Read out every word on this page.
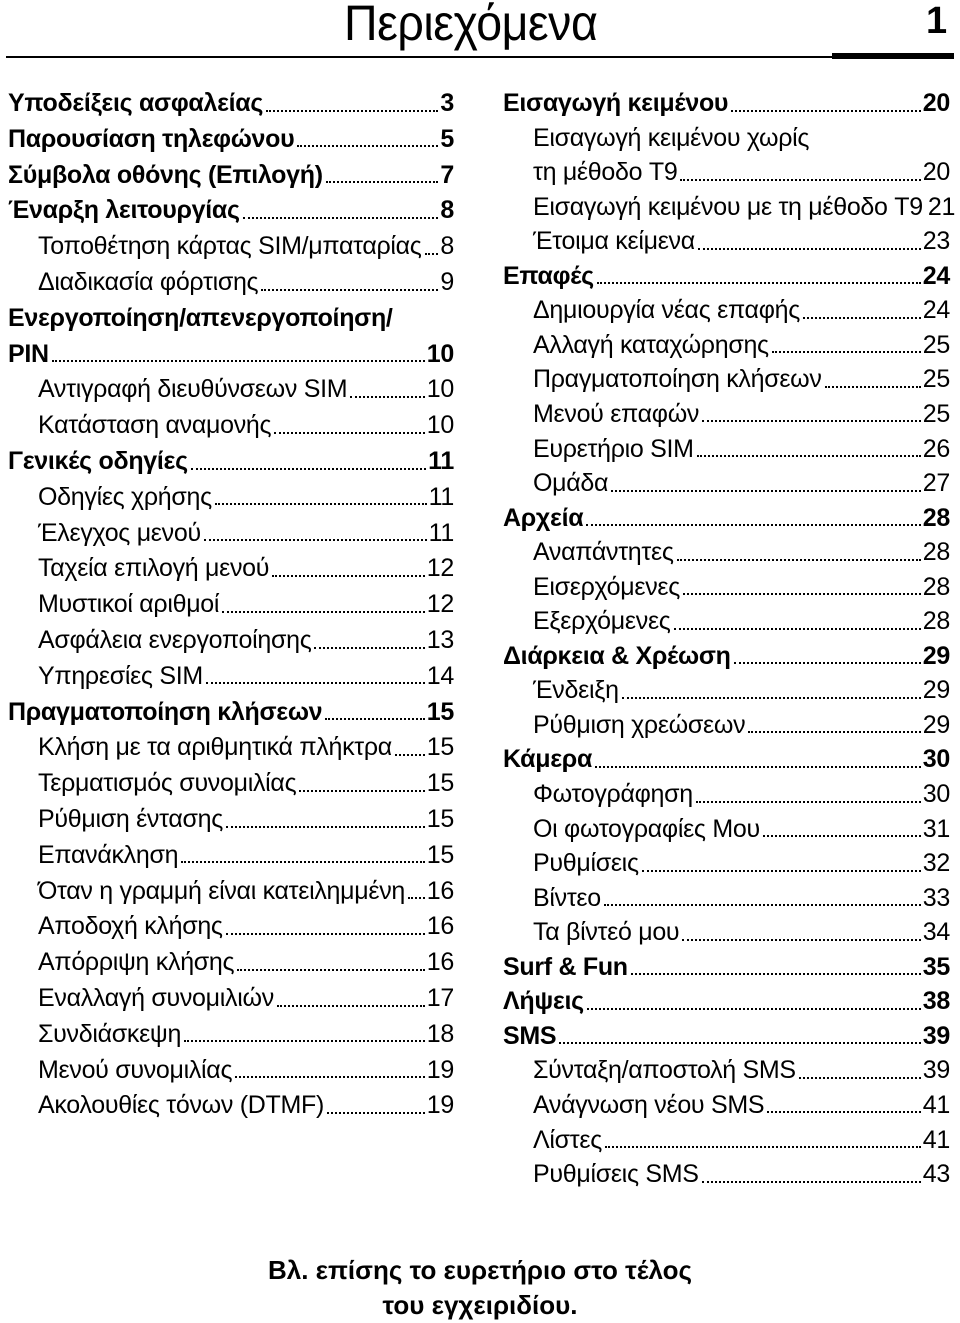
Περιεχόμενα	1
Υποδείξεις ασφαλείας	3
Παρουσίαση τηλεφώνου	5
Σύμβολα οθόνης (Επιλογή)	7
Έναρξη λειτουργίας	8
Τοποθέτηση κάρτας SIM/μπαταρίας 8
Διαδικασία φόρτισης	9
Ενεργοποίηση/απενεργοποίηση/
PIN	10
Αντιγραφή διευθύνσεων SIM	10
Κατάσταση αναμονής	10
Γενικές οδηγίες	11
Οδηγίες χρήσης	11
Έλεγχος μενού	11
Ταχεία επιλογή μενού	12
Μυστικοί αριθμοί	12
Ασφάλεια ενεργοποίησης	13
Υπηρεσίες SIM	14
Πραγματοποίηση κλήσεων	15
Κλήση με τα αριθμητικά πλήκτρα 15
Τερματισμός συνομιλίας	15
Ρύθμιση έντασης	15
Επανάκληση	15
Όταν η γραμμή είναι κατειλημμένη 16
Αποδοχή κλήσης	16
Απόρριψη κλήσης	16
Εναλλαγή συνομιλιών	17
Συνδιάσκεψη	18
Μενού συνομιλίας	19
Ακολουθίες τόνων (DTMF)	19
Εισαγωγή κειμένου	20
Εισαγωγή κειμένου χωρίς
τη μέθοδο T9	20
Εισαγωγή κειμένου με τη μέθοδο T9 21
Έτοιμα κείμενα	23
Επαφές	24
Δημιουργία νέας επαφής	24
Αλλαγή καταχώρησης	25
Πραγματοποίηση κλήσεων	25
Μενού επαφών	25
Ευρετήριο SIM	26
Ομάδα	27
Αρχεία	28
Αναπάντητες	28
Εισερχόμενες	28
Εξερχόμενες	28
Διάρκεια & Χρέωση	29
Ένδειξη	29
Ρύθμιση χρεώσεων	29
Κάμερα	30
Φωτογράφηση	30
Οι φωτογραφίες Μου	31
Ρυθμίσεις	32
Βίντεο	33
Τα βίντεό μου	34
Surf & Fun	35
Λήψεις	38
SMS	39
Σύνταξη/αποστολή SMS	39
Ανάγνωση νέου SMS	41
Λίστες	41
Ρυθμίσεις SMS	43
Βλ. επίσης το ευρετήριο στο τέλος
του εγχειριδίου.
